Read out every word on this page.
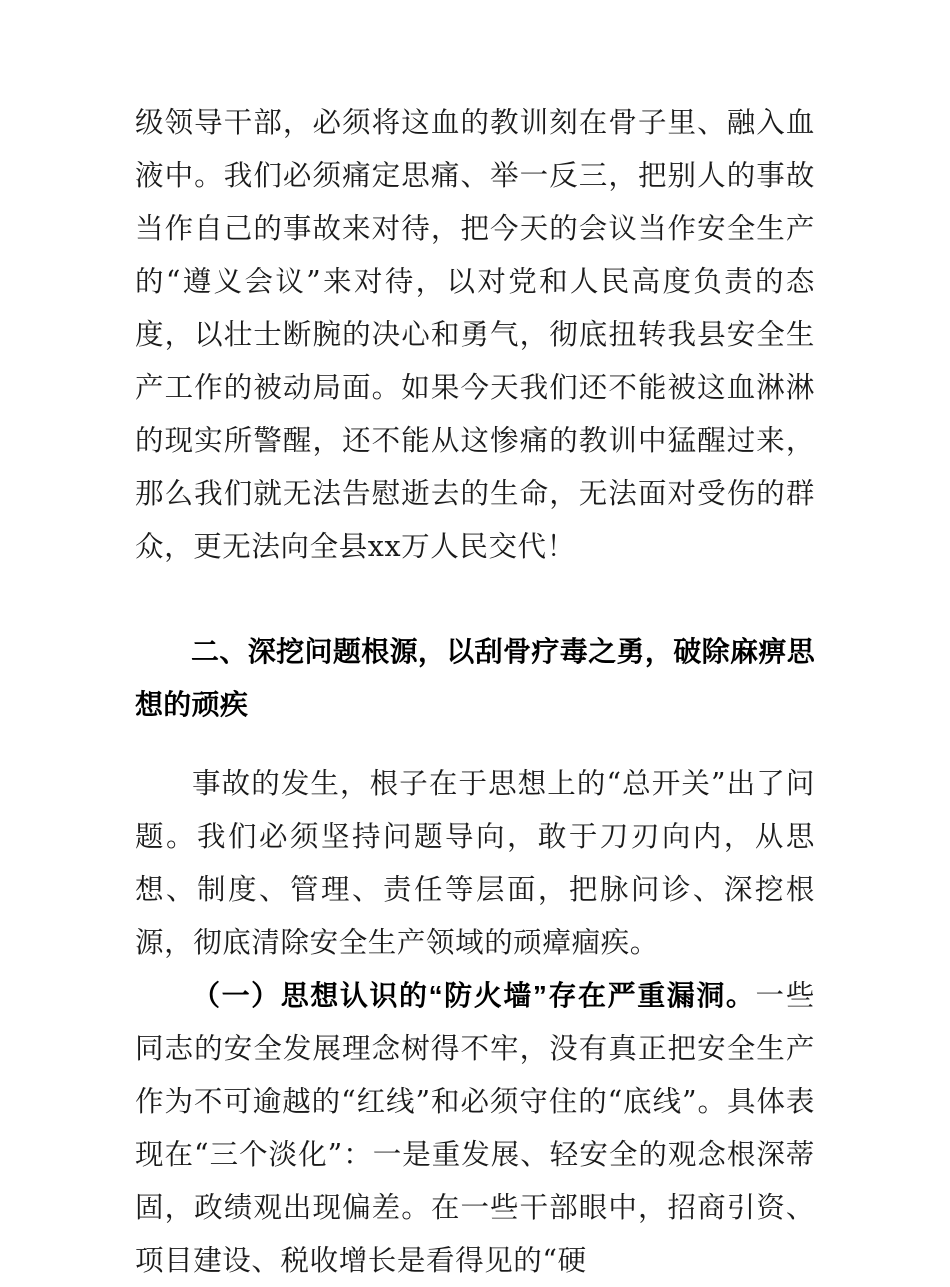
级领导干部，必须将这血的教训刻在骨子里、融入血液中。我们必须痛定思痛、举一反三，把别人的事故当作自己的事故来对待，把今天的会议当作安全生产的“遵义会议”来对待，以对党和人民高度负责的态度，以壮士断腕的决心和勇气，彻底扭转我县安全生产工作的被动局面。如果今天我们还不能被这血淋淋的现实所警醒，还不能从这惨痛的教训中猛醒过来，那么我们就无法告慰逝去的生命，无法面对受伤的群众，更无法向全县xx万人民交代！

二、深挖问题根源，以刮骨疗毒之勇，破除麻痹思想的顽疾

事故的发生，根子在于思想上的“总开关”出了问题。我们必须坚持问题导向，敢于刀刃向内，从思想、制度、管理、责任等层面，把脉问诊、深挖根源，彻底清除安全生产领域的顽瘴痼疾。

（一）思想认识的“防火墙”存在严重漏洞。一些同志的安全发展理念树得不牢，没有真正把安全生产作为不可逾越的“红线”和必须守住的“底线”。具体表现在“三个淡化”：一是重发展、轻安全的观念根深蒂固，政绩观出现偏差。在一些干部眼中，招商引资、项目建设、税收增长是看得见的“硬
